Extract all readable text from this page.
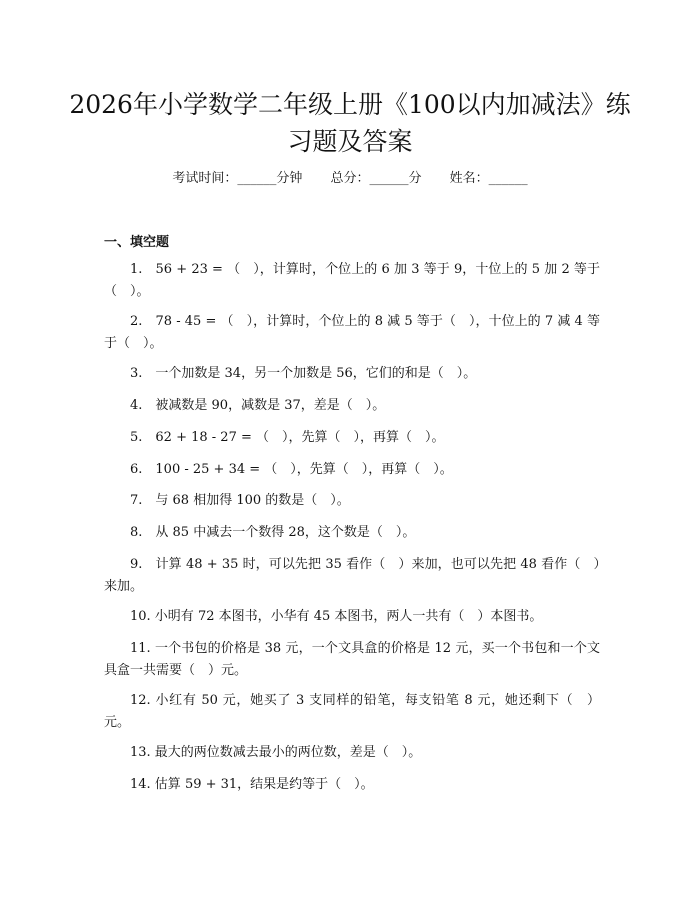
2026年小学数学二年级上册《100以内加减法》练习题及答案
考试时间：______分钟 总分：______分 姓名：______
一、填空题

1.　56 + 23 = （　），计算时，个位上的 6 加 3 等于 9，十位上的 5 加 2 等于（　）。

2.　78 - 45 = （　），计算时，个位上的 8 减 5 等于（　），十位上的 7 减 4 等于（　）。

3.　一个加数是 34，另一个加数是 56，它们的和是（　）。

4.　被减数是 90，减数是 37，差是（　）。

5.　62 + 18 - 27 = （　），先算（　），再算（　）。

6.　100 - 25 + 34 = （　），先算（　），再算（　）。

7.　与 68 相加得 100 的数是（　）。

8.　从 85 中减去一个数得 28，这个数是（　）。

9.　计算 48 + 35 时，可以先把 35 看作（　）来加，也可以先把 48 看作（　）来加。

10. 小明有 72 本图书，小华有 45 本图书，两人一共有（　）本图书。

11. 一个书包的价格是 38 元，一个文具盒的价格是 12 元，买一个书包和一个文具盒一共需要（　）元。

12. 小红有 50 元，她买了 3 支同样的铅笔，每支铅笔 8 元，她还剩下（　）元。

13. 最大的两位数减去最小的两位数，差是（　）。

14. 估算 59 + 31，结果是约等于（　）。
